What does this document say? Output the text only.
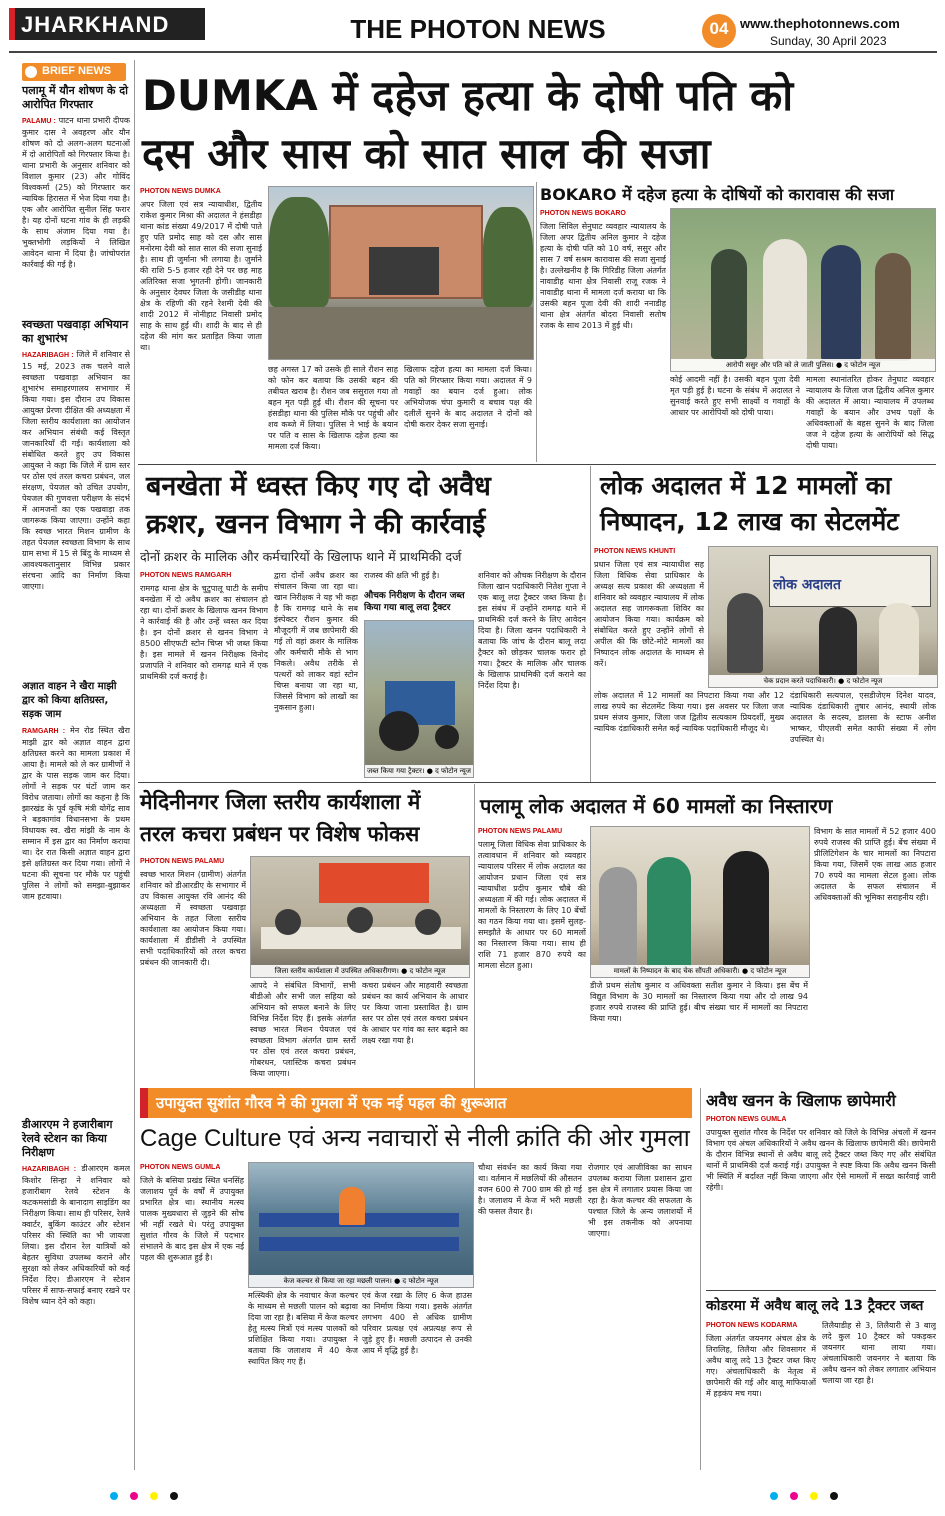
JHARKHAND	THE PHOTON NEWS	04 www.thephotonnews.com
Sunday, 30 April 2023
BRIEF NEWS
पलामू में यौन शोषण के दो आरोपित गिरफ्तार
PALAMU : पाटन थाना प्रभारी दीपक कुमार दास ने अवहरण और यौन शोषण को दो अलग-अलग घटनाओं में दो आरोपितों को गिरफ्तार किया है। थाना प्रभारी के अनुसार शनिवार को विशाल कुमार (23) और गोविंद विश्वकर्मा (25) को गिरफ्तार कर न्यायिक हिरासत में भेज दिया गया है। एक और आरोपित सुनील सिंह फरार है। यह दोनों घटना गांव के ही लड़की के साथ अंजाम दिया गया है। भुक्तभोगी लड़कियों ने लिखित आवेदन थाना में दिया है। जांचोपरांत कार्रवाई की गई है।
स्वच्छता पखवाड़ा अभियान का शुभारंभ
HAZARIBAGH : जिले में शनिवार से 15 मई, 2023 तक चलने वाले स्वच्छता पखवाड़ा अभियान का शुभारंभ समाहरणालय सभागार में किया गया। इस दौरान उप विकास आयुक्त प्रेरणा दीक्षित की अध्यक्षता में जिला स्तरीय कार्यशाला का आयोजन कर अभियान संबंधी कई विस्तृत जानकारियाँ दी गई। कार्यशाला को संबोधित करते हुए उप विकास आयुक्त ने कहा कि जिले में ग्राम स्तर पर ठोस एवं तरल कचरा प्रबंधन, जल संरक्षण, पेयजल को उचित उपयोग, पेयजल की गुणवत्ता परीक्षण के संदर्भ में आमजनों का एक पखवाड़ा तक जागरूक किया जाएगा। उन्होंने कहा कि स्वच्छ भारत मिशन ग्रामीण के तहत पेयजल स्वच्छता विभाग के साथ ग्राम सभा में 15 से बिंदु के माध्यम से आवश्यकतानुसार विभिन्न प्रकार संरचना आदि का निर्माण किया जाएगा।
अज्ञात वाहन ने खैरा माझी द्वार को किया क्षतिग्रस्त, सड़क जाम
RAMGARH : मेन रोड स्थित खैरा माझी द्वार को अज्ञात वाहन द्वारा क्षतिग्रस्त करने का मामला प्रकाश में आया है। मामले को ले कर ग्रामीणों ने द्वार के पास सड़क जाम कर दिया। लोगों ने सड़क पर घंटों जाम कर विरोध जताया। लोगों का कहना है कि झारखंड के पूर्व कृषि मंत्री योगेंद्र साव ने बड़कागांव विधानसभा के प्रथम विधायक स्व. खैरा मांझी के नाम के सम्मान में इस द्वार का निर्माण कराया था। देर रात किसी अज्ञात वाहन द्वारा इसे क्षतिग्रस्त कर दिया गया। लोगों ने घटना की सूचना पर मौके पर पहुंची पुलिस ने लोगों को समझा-बुझाकर जाम हटवाया।
डीआरएम ने हजारीबाग रेलवे स्टेशन का किया निरीक्षण
HAZARIBAGH : डीआरएम कमल किशोर सिन्हा ने शनिवार को हजारीबाग रेलवे स्टेशन के कटकमसांडी के बानादाग साइडिंग का निरीक्षण किया। साथ ही परिसर, रेलवे क्वार्टर, बुकिंग काउंटर और स्टेशन परिसर की स्थिति का भी जायजा लिया। इस दौरान रेल यात्रियों को बेहतर सुविधा उपलब्ध कराने और सुरक्षा को लेकर अधिकारियों को कई निर्देश दिए। डीआरएम ने स्टेशन परिसर में साफ-सफाई बनाए रखने पर विशेष ध्यान देने को कहा।
DUMKA में दहेज हत्या के दोषी पति को
दस और सास को सात साल की सजा
PHOTON NEWS DUMKA
अपर जिला एवं सत्र न्यायाधीश, द्वितीय राकेश कुमार मिश्रा की अदालत ने हंसडीहा थाना कांड संख्या 49/2017 में दोषी पाते हुए पति प्रमोद साह को दस और सास मनोरमा देवी को सात साल की सजा सुनाई है। साथ ही जुर्माना भी लगाया है। जुर्माने की राशि 5-5 हजार रही देने पर छह माह अतिरिक्त सजा भुगतनी होगी। जानकारी के अनुसार देवघर जिला के जसीडीह थाना क्षेत्र के रहिणी की रहने रेशमी देवी की शादी 2012 में नोनीहाट निवासी प्रमोद साह के साथ हुई थी। शादी के बाद से ही दहेज की मांग कर प्रताड़ित किया जाता था।
छह अगस्त 17 को उसके ही साले रौशन साह को फोन कर बताया कि उसकी बहन की तबीयत खराब है। रौशन जब ससुराल गया तो बहन मृत पड़ी हुई थी। रौशन की सूचना पर हंसडीहा थाना की पुलिस मौके पर पहुंची और शव कब्जे में लिया। पुलिस ने भाई के बयान पर पति व सास के खिलाफ दहेज हत्या का मामला दर्ज किया।
खिलाफ दहेज हत्या का मामला दर्ज किया। पति को गिरफ्तार किया गया। अदालत में 9 गवाहों का बयान दर्ज हुआ। लोक अभियोजक चंपा कुमारी व बचाव पक्ष की दलीलें सुनने के बाद अदालत ने दोनों को दोषी करार देकर सजा सुनाई।
BOKARO में दहेज हत्या के दोषियों को कारावास की सजा
PHOTON NEWS BOKARO
जिला सिविल सेनुघाट व्यवहार न्यायालय के जिला अपर द्वितीय अनिल कुमार ने दहेज हत्या के दोषी पति को 10 वर्ष, ससुर और सास 7 वर्ष सश्रम कारावास की सजा सुनाई है। उल्लेखनीय है कि गिरिडीह जिला अंतर्गत नावाडीह थाना क्षेत्र निवासी राजू रजक ने नावाडीह थाना में मामला दर्ज कराया था कि उसकी बहन पूजा देवी की शादी ननाडीह थाना क्षेत्र अंतर्गत बोदरा निवासी सतोष रजक के साथ 2013 में हुई थी।
आरोपी ससुर और पति को ले जाती पुलिस। ● द फोटोन न्यूज
कोई आदमी नहीं है। उसकी बहन पूजा देवी मृत पड़ी हुई है। घटना के संबंध में अदालत ने सुनवाई करते हुए सभी साक्ष्यों व गवाहों के आधार पर आरोपियों को दोषी पाया।
मामला स्थानांतरित होकर तेनुघाट व्यवहार न्यायालय के जिला जज द्वितीय अनिल कुमार की अदालत में आया। न्यायालय में उपलब्ध गवाहों के बयान और उभय पक्षों के अधिवक्ताओं के बहस सुनने के बाद जिला जज ने दहेज हत्या के आरोपियों को सिद्ध दोषी पाया।
बनखेता में ध्वस्त किए गए दो अवैध
क्रशर, खनन विभाग ने की कार्रवाई
दोनों क्रशर के मालिक और कर्मचारियों के खिलाफ थाने में प्राथमिकी दर्ज
PHOTON NEWS RAMGARH
रामगढ़ थाना क्षेत्र के चुटुपालू घाटी के समीप बनखेता में दो अवैध क्रशर का संचालन हो रहा था। दोनों क्रशर के खिलाफ खनन विभाग ने कार्रवाई की है और उन्हें ध्वस्त कर दिया है। इन दोनों क्रशर से खनन विभाग ने 8500 सीएफटी स्टोन चिप्स भी जब्त किया है। इस मामले में खनन निरीक्षक विनोद प्रजापति ने शनिवार को रामगढ़ थाने में एक प्राथमिकी दर्ज कराई है।
द्वारा दोनों अवैध क्रशर का संचालन किया जा रहा था। खान निरीक्षक ने यह भी कहा है कि रामगढ़ थाने के सब इंस्पेक्टर रौशन कुमार की मौजूदगी में जब छापेमारी की गई तो वहां क्रशर के मालिक और कर्मचारी मौके से भाग निकले। अवैध तरीके से पत्थरों को लाकर वहां स्टोन चिप्स बनाया जा रहा था, जिससे विभाग को लाखों का नुकसान हुआ।
राजस्व की क्षति भी हुई है।
औचक निरीक्षण के दौरान जब्त किया गया बालू लदा ट्रैक्टर
जब्त किया गया ट्रैक्टर। ● द फोटोन न्यूज
शनिवार को औचक निरीक्षण के दौरान जिला खान पदाधिकारी नितेश गुप्ता ने एक बालू लदा ट्रैक्टर जब्त किया है। इस संबंध में उन्होंने रामगढ़ थाने में प्राथमिकी दर्ज करने के लिए आवेदन दिया है। जिला खनन पदाधिकारी ने बताया कि जांच के दौरान बालू लदा ट्रैक्टर को छोड़कर चालक फरार हो गया। ट्रैक्टर के मालिक और चालक के खिलाफ प्राथमिकी दर्ज कराने का निर्देश दिया है।
लोक अदालत में 12 मामलों का
निष्पादन, 12 लाख का सेटलमेंट
PHOTON NEWS KHUNTI
प्रधान जिला एवं सत्र न्यायाधीश सह जिला विधिक सेवा प्राधिकार के अध्यक्ष सत्य प्रकाश की अध्यक्षता में शनिवार को व्यवहार न्यायालय में लोक अदालत सह जागरूकता शिविर का आयोजन किया गया। कार्यक्रम को संबोधित करते हुए उन्होंने लोगों से अपील की कि छोटे-मोटे मामलों का निष्पादन लोक अदालत के माध्यम से करें।
लोक अदालत
चेक प्रदान करते पदाधिकारी। ● द फोटोन न्यूज
लोक अदालत में 12 मामलों का निपटारा किया गया और 12 लाख रुपये का सेटलमेंट किया गया। इस अवसर पर जिला जज प्रथम संजय कुमार, जिला जज द्वितीय सत्यकाम प्रियदर्शी, मुख्य न्यायिक दंडाधिकारी समेत कई न्यायिक पदाधिकारी मौजूद थे।
दंडाधिकारी सत्यपाल, एसडीजेएम दिनेश यादव, न्यायिक दंडाधिकारी तुषार आनंद, स्थायी लोक अदालत के सदस्य, डालसा के स्टाफ अनीश भाष्कर, पीएलवी समेत काफी संख्या में लोग उपस्थित थे।
मेदिनीनगर जिला स्तरीय कार्यशाला में
तरल कचरा प्रबंधन पर विशेष फोकस
PHOTON NEWS PALAMU
स्वच्छ भारत मिशन (ग्रामीण) अंतर्गत शनिवार को डीआरडीए के सभागार में उप विकास आयुक्त रवि आनंद की अध्यक्षता में स्वच्छता पखवाड़ा अभियान के तहत जिला स्तरीय कार्यशाला का आयोजन किया गया। कार्यशाला में डीडीसी ने उपस्थित सभी पदाधिकारियों को तरल कचरा प्रबंधन की जानकारी दी।
जिला स्तरीय कार्यशाला में उपस्थित अधिकारीगण। ● द फोटोन न्यूज
आपदे ने संबंधित विभागों, सभी बीडीओ और सभी जल सहिया को अभियान को सफल बनाने के लिए विभिन्न निर्देश दिए हैं। इसके अंतर्गत स्वच्छ भारत मिशन पेयजल एवं स्वच्छता विभाग अंतर्गत ग्राम स्तरों पर ठोस एवं तरल कचरा प्रबंधन, गोबरधन, प्लास्टिक कचरा प्रबंधन किया जाएगा।
कचरा प्रबंधन और माहवारी स्वच्छता प्रबंधन का कार्य अभियान के आधार पर किया जाना प्रस्तावित है। ग्राम स्तर पर ठोस एवं तरल कचरा प्रबंधन के आधार पर गांव का स्तर बढ़ाने का लक्ष्य रखा गया है।
पलामू लोक अदालत में 60 मामलों का निस्तारण
PHOTON NEWS PALAMU
पलामू जिला विधिक सेवा प्राधिकार के तत्वावधान में शनिवार को व्यवहार न्यायालय परिसर में लोक अदालत का आयोजन प्रधान जिला एवं सत्र न्यायाधीश प्रदीप कुमार चौबे की अध्यक्षता में की गई। लोक अदालत में मामलों के निस्तारण के लिए 10 बेंचों का गठन किया गया था। इसमें सुलह-समझौते के आधार पर 60 मामलों का निस्तारण किया गया। साथ ही राशि 71 हजार 870 रुपये का मामला सेटल हुआ।
मामलों के निष्पादन के बाद चेक सौंपती अधिकारी। ● द फोटोन न्यूज
डीजे प्रथम संतोष कुमार व अधिवक्ता सतीश कुमार ने किया। इस बेंच में विद्युत विभाग के 30 मामलों का निस्तारण किया गया और दो लाख 94 हजार रुपये राजस्व की प्राप्ति हुई। बीच संख्या चार में मामलों का निपटारा किया गया।
विभाग के सात मामलों में 52 हजार 400 रुपये राजस्व की प्राप्ति हुई। बेंच संख्या में प्रीलिटिगेशन के चार मामलों का निपटारा किया गया, जिसमें एक लाख आठ हजार 70 रुपये का मामला सेटल हुआ। लोक अदालत के सफल संचालन में अधिवक्ताओं की भूमिका सराहनीय रही।
उपायुक्त सुशांत गौरव ने की गुमला में एक नई पहल की शुरूआत
Cage Culture एवं अन्य नवाचारों से नीली क्रांति की ओर गुमला
PHOTON NEWS GUMLA
जिले के बसिया प्रखंड स्थित धनसिंह जलाशय पूर्व के वर्षों में उपायुक्त प्रभारित क्षेत्र था। स्थानीय मत्स्य पालक मुख्यधारा से जुड़ने की सोच भी नहीं रखते थे। परंतु उपायुक्त सुशांत गौरव के जिले में पदभार संभालने के बाद इस क्षेत्र में एक नई पहल की शुरूआत हुई है।
केज कल्चर से किया जा रहा मछली पालन। ● द फोटोन न्यूज
मत्स्यिकी क्षेत्र के नवाचार केज कल्चर के माध्यम से मछली पालन को बढ़ावा दिया जा रहा है। बसिया में केज कल्चर हेतु मत्स्य मित्रों एवं मत्स्य पालकों को प्रशिक्षित किया गया। उपायुक्त ने बताया कि जलाशय में 40 केज स्थापित किए गए हैं।
एवं केज रखा के लिए 6 केज हाउस का निर्माण किया गया। इसके अंतर्गत लगभग 400 से अधिक ग्रामीण परिवार प्रत्यक्ष एवं अप्रत्यक्ष रूप से जुड़े हुए हैं। मछली उत्पादन से उनकी आय में वृद्धि हुई है।
चौथा संवर्धन का कार्य किया गया था। वर्तमान में मछलियों की औसतन वजन 600 से 700 ग्राम की हो गई है। जलाशय में केज में भरी मछली की फसल तैयार है।
रोजगार एवं आजीविका का साधन उपलब्ध कराया जिला प्रशासन द्वारा इस क्षेत्र में लगातार प्रयास किया जा रहा है। केज कल्चर की सफलता के पश्चात जिले के अन्य जलाशयों में भी इस तकनीक को अपनाया जाएगा।
अवैध खनन के खिलाफ छापेमारी
PHOTON NEWS GUMLA
उपायुक्त सुशांत गौरव के निर्देश पर शनिवार को जिले के विभिन्न अंचलों में खनन विभाग एवं अंचल अधिकारियों ने अवैध खनन के खिलाफ छापेमारी की। छापेमारी के दौरान विभिन्न स्थानों से अवैध बालू लदे ट्रैक्टर जब्त किए गए और संबंधित थानों में प्राथमिकी दर्ज कराई गई। उपायुक्त ने स्पष्ट किया कि अवैध खनन किसी भी स्थिति में बर्दाश्त नहीं किया जाएगा और ऐसे मामलों में सख्त कार्रवाई जारी रहेगी।
कोडरमा में अवैध बालू लदे 13 ट्रैक्टर जब्त
PHOTON NEWS KODARMA
जिला अंतर्गत जयनगर अंचल क्षेत्र के तिरालिह, तिलैया और शिवसागर में अवैध बालू लदे 13 ट्रैक्टर जब्त किए गए। अंचलाधिकारी के नेतृत्व में छापेमारी की गई और बालू माफियाओं में हड़कंप मच गया।
तिलैयाडीह से 3, तिलैयारी से 3 बालू लदे कुल 10 ट्रैक्टर को पकड़कर जयनगर थाना लाया गया। अंचलाधिकारी जयनगर ने बताया कि अवैध खनन को लेकर लगातार अभियान चलाया जा रहा है।
